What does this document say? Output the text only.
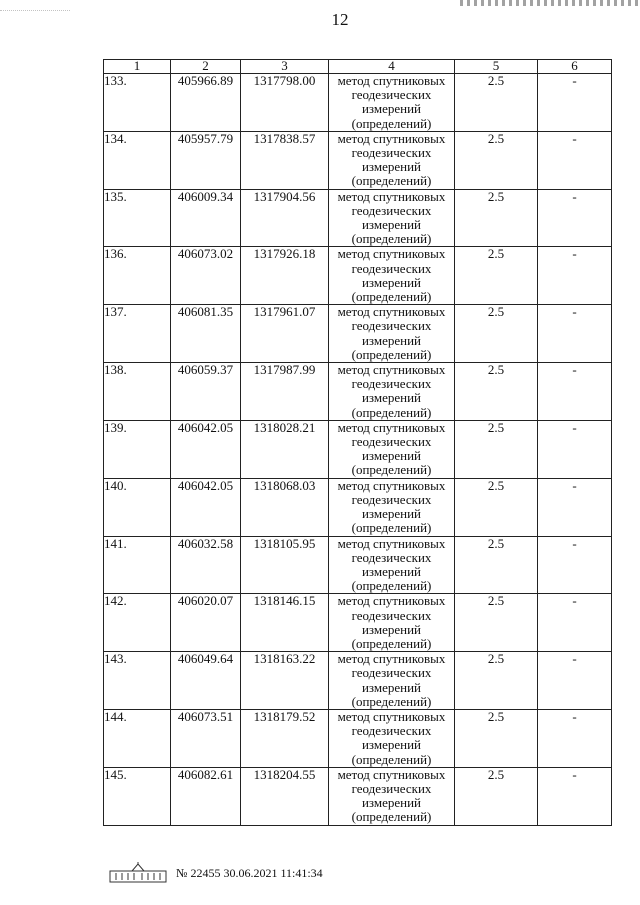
12
1	2	3	4	5	6
133.	405966.89	1317798.00	метод спутниковых геодезических измерений (определений)	2.5	-
134.	405957.79	1317838.57	метод спутниковых геодезических измерений (определений)	2.5	-
135.	406009.34	1317904.56	метод спутниковых геодезических измерений (определений)	2.5	-
136.	406073.02	1317926.18	метод спутниковых геодезических измерений (определений)	2.5	-
137.	406081.35	1317961.07	метод спутниковых геодезических измерений (определений)	2.5	-
138.	406059.37	1317987.99	метод спутниковых геодезических измерений (определений)	2.5	-
139.	406042.05	1318028.21	метод спутниковых геодезических измерений (определений)	2.5	-
140.	406042.05	1318068.03	метод спутниковых геодезических измерений (определений)	2.5	-
141.	406032.58	1318105.95	метод спутниковых геодезических измерений (определений)	2.5	-
142.	406020.07	1318146.15	метод спутниковых геодезических измерений (определений)	2.5	-
143.	406049.64	1318163.22	метод спутниковых геодезических измерений (определений)	2.5	-
144.	406073.51	1318179.52	метод спутниковых геодезических измерений (определений)	2.5	-
145.	406082.61	1318204.55	метод спутниковых геодезических измерений (определений)	2.5	-
№ 22455 30.06.2021 11:41:34
